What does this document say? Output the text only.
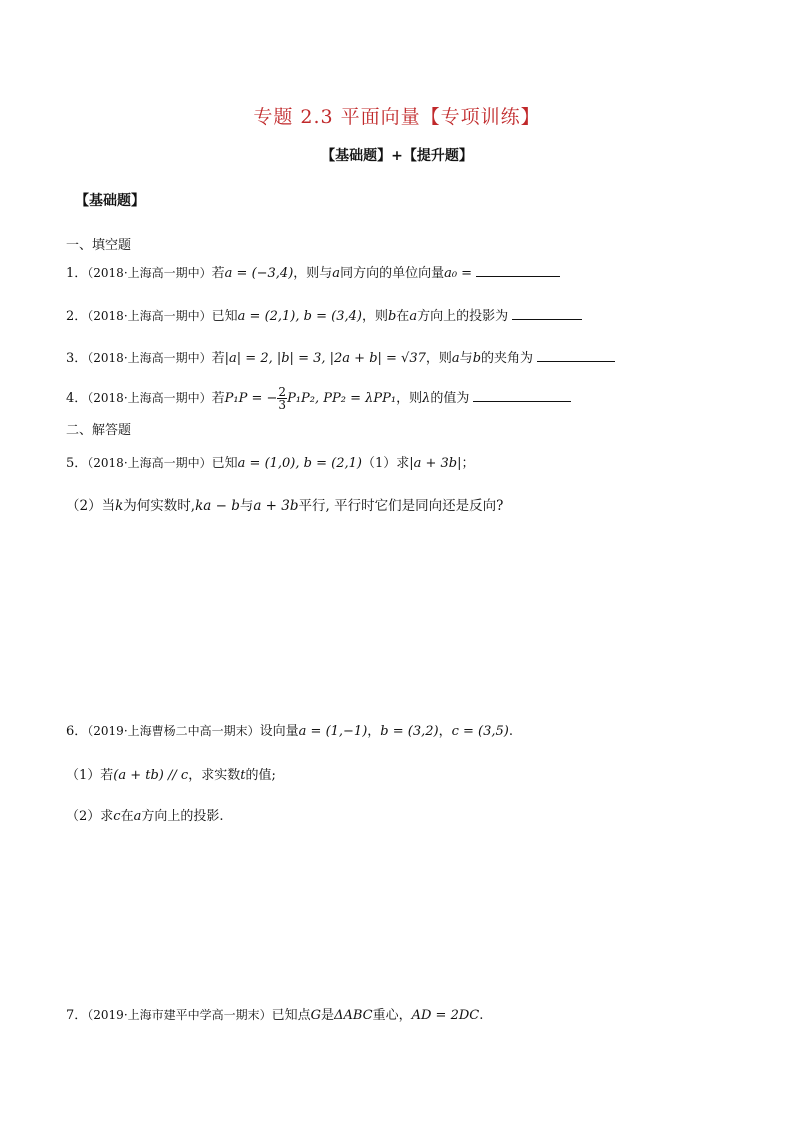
专题 2.3 平面向量【专项训练】
【基础题】+【提升题】
【基础题】
一、填空题
1．（2018·上海高一期中）若a = (−3,4)，则与a同方向的单位向量a₀ =
2．（2018·上海高一期中）已知a = (2,1), b = (3,4)，则b在a方向上的投影为
3．（2018·上海高一期中）若|a| = 2, |b| = 3, |2a + b| = √37，则a与b的夹角为
4．（2018·上海高一期中）若P₁P = − $\frac{2}{3} P_1P_2$, PP₂ = λPP₁，则λ的值为
二、解答题
5．（2018·上海高一期中）已知a = (1,0), b = (2,1)（1）求|a + 3b|；
（2）当k为何实数时,ka − b与a + 3b平行, 平行时它们是同向还是反向?
6．（2019·上海曹杨二中高一期末）设向量a = (1,−1)，b = (3,2)，c = (3,5).
（1）若(a + tb) // c，求实数t的值;
（2）求c在a方向上的投影.
7．（2019·上海市建平中学高一期末）已知点G是ΔABC重心，AD = 2DC.
